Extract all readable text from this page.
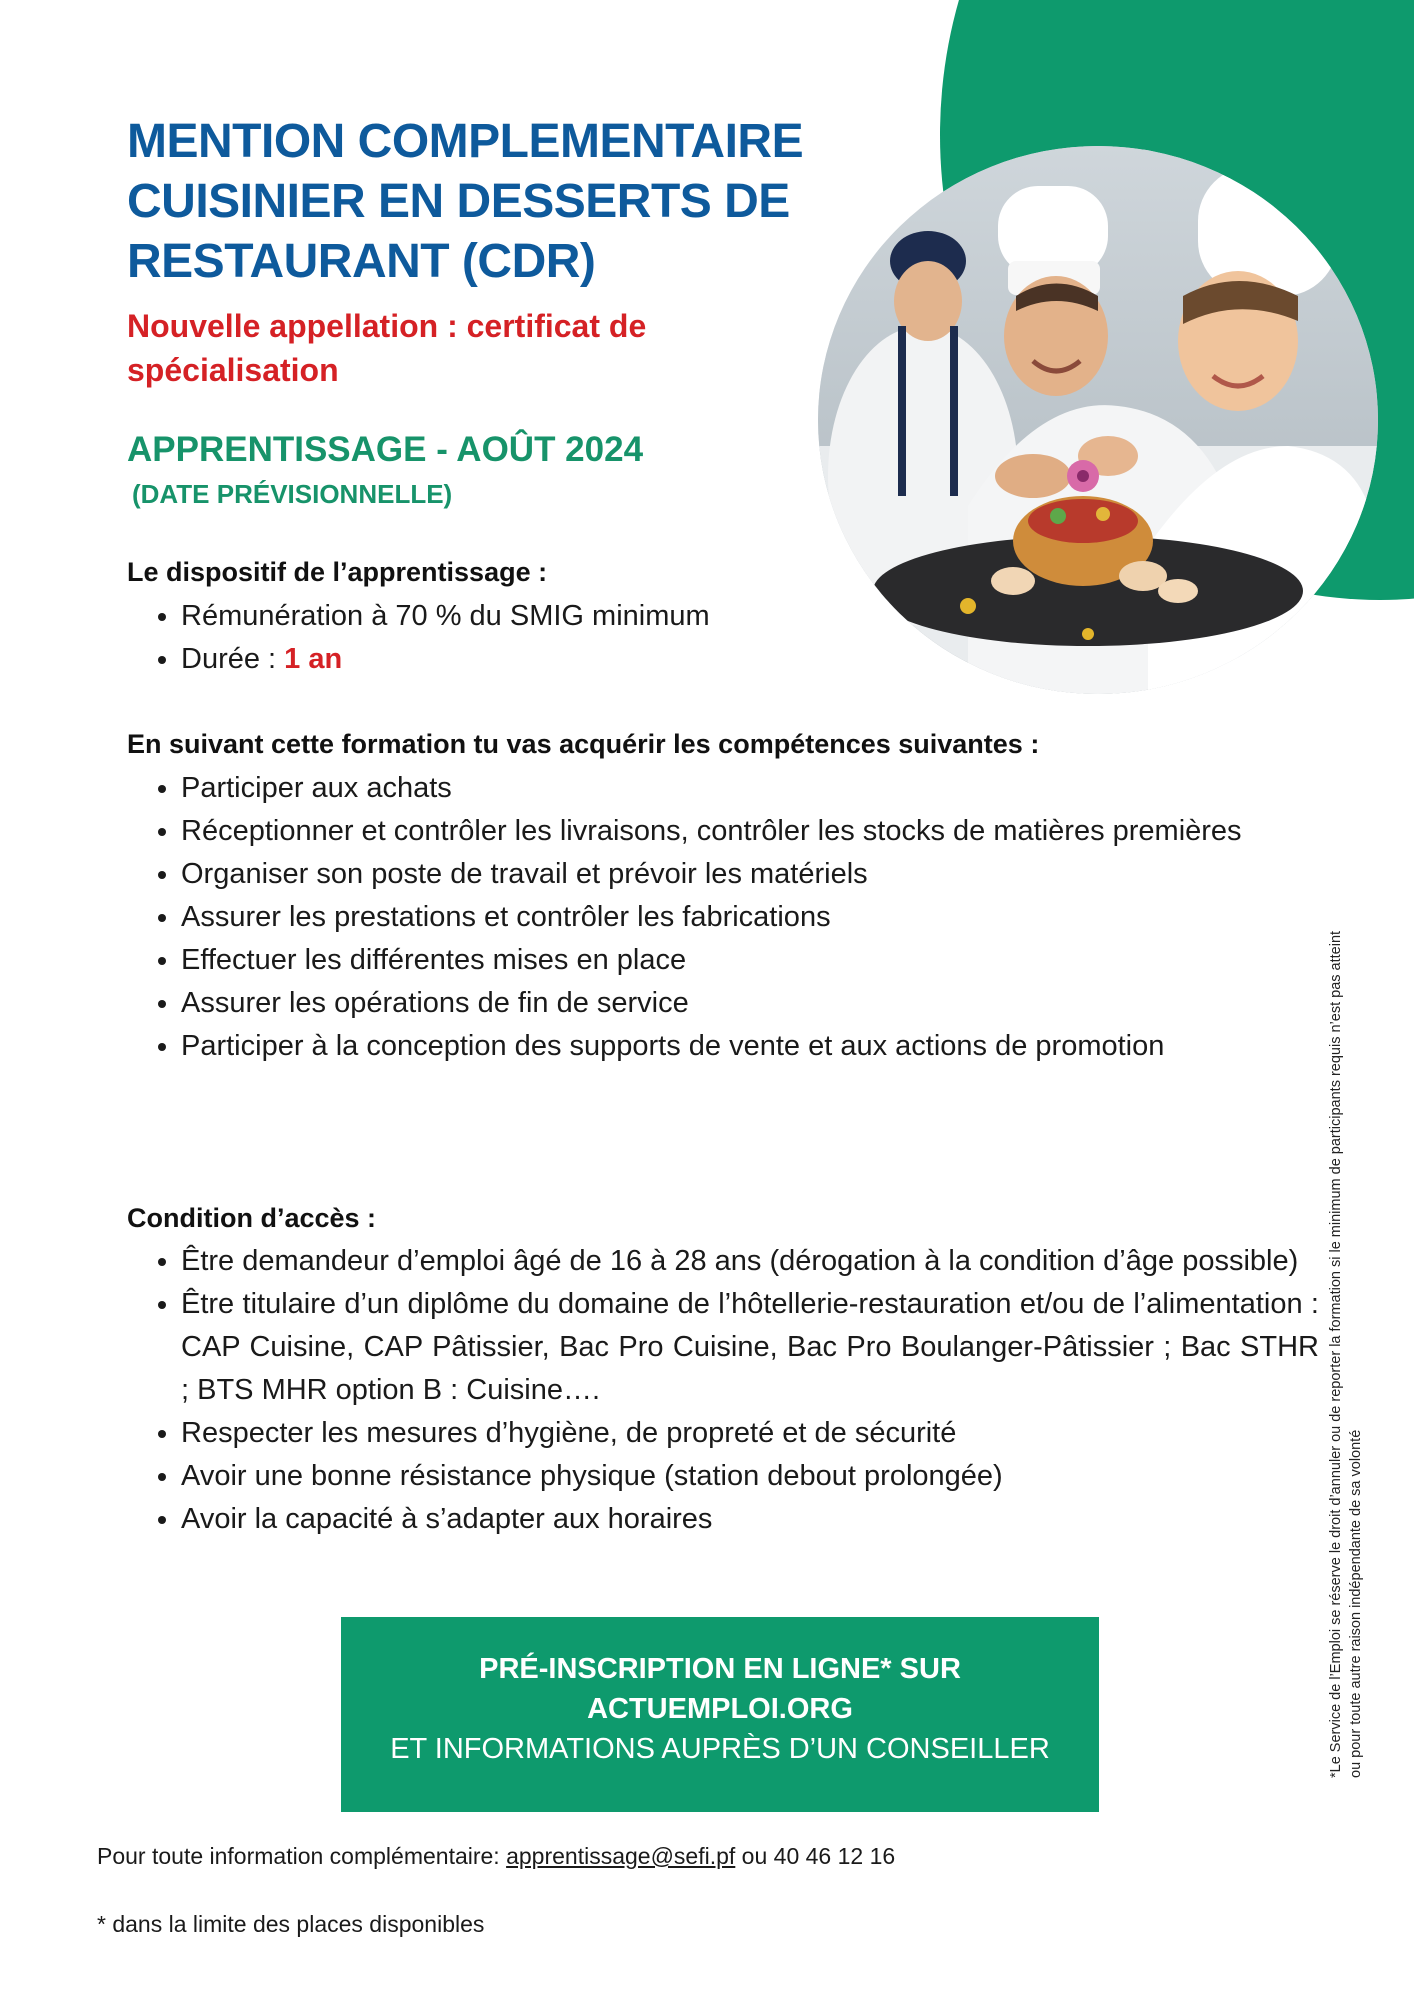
MENTION COMPLEMENTAIRE CUISINIER EN DESSERTS DE RESTAURANT (CDR)
Nouvelle appellation : certificat de spécialisation
APPRENTISSAGE - AOÛT 2024
(DATE PRÉVISIONNELLE)
Le dispositif de l’apprentissage :
• Rémunération à 70 % du SMIG minimum
• Durée : 1 an
En suivant cette formation tu vas acquérir les compétences suivantes :
• Participer aux achats
• Réceptionner et contrôler les livraisons, contrôler les stocks de matières premières
• Organiser son poste de travail et prévoir les matériels
• Assurer les prestations et contrôler les fabrications
• Effectuer les différentes mises en place
• Assurer les opérations de fin de service
• Participer à la conception des supports de vente et aux actions de promotion
Condition d’accès :
• Être demandeur d’emploi âgé de 16 à 28 ans (dérogation à la condition d’âge possible)
• Être titulaire d’un diplôme du domaine de l’hôtellerie-restauration et/ou de l’alimentation : CAP Cuisine, CAP Pâtissier, Bac Pro Cuisine, Bac Pro Boulanger-Pâtissier ; Bac STHR ; BTS MHR option B : Cuisine….
• Respecter les mesures d’hygiène, de propreté et de sécurité
• Avoir une bonne résistance physique (station debout prolongée)
• Avoir la capacité à s’adapter aux horaires
PRÉ-INSCRIPTION EN LIGNE* SUR
ACTUEMPLOI.ORG
ET INFORMATIONS AUPRÈS D’UN CONSEILLER
Pour toute information complémentaire: apprentissage@sefi.pf ou 40 46 12 16
* dans la limite des places disponibles
*Le Service de l’Emploi se réserve le droit d’annuler ou de reporter la formation si le minimum de participants requis n’est pas atteint ou pour toute autre raison indépendante de sa volonté
